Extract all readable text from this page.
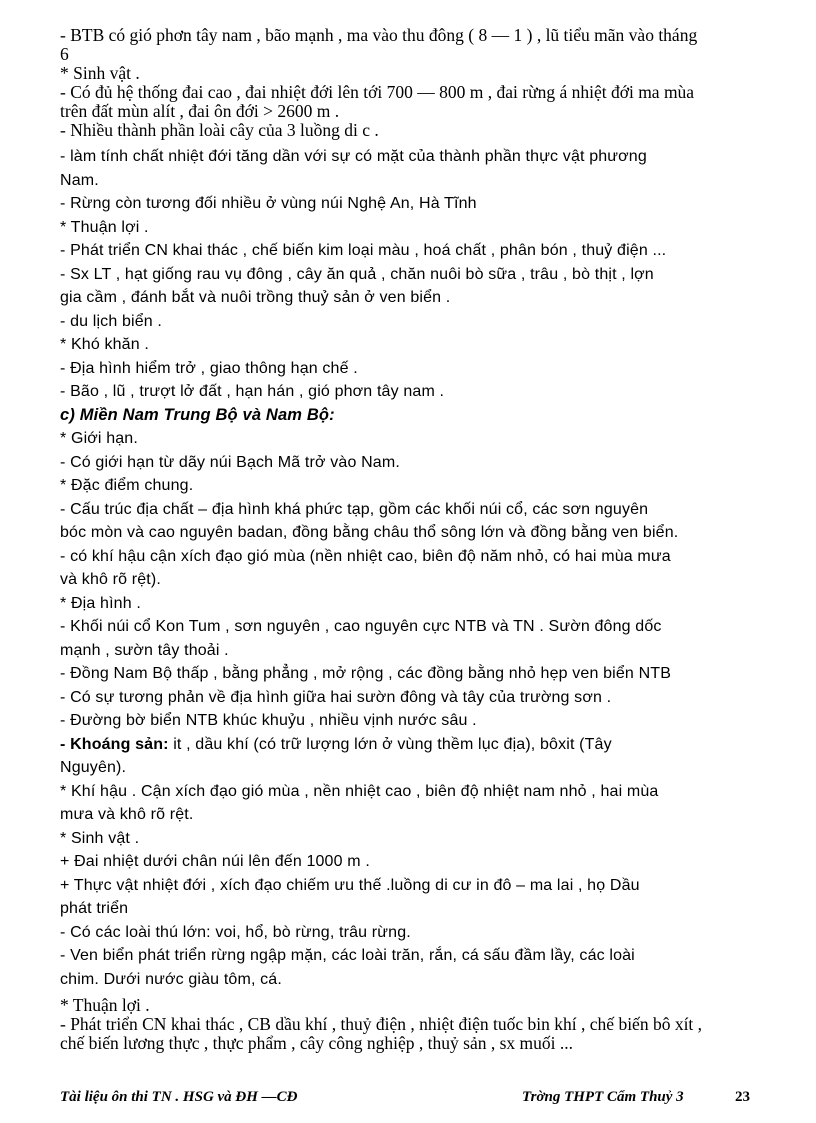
- BTB có gió phơn tây nam , bão mạnh , ma vào thu đông ( 8 — 1 ) , lũ tiểu mãn vào tháng

6

* Sinh vật .

- Có đủ hệ thống đai cao , đai nhiệt đới lên tới 700 — 800 m , đai rừng á nhiệt đới ma mùa

trên đất mùn alít , đai ôn đới > 2600 m .

- Nhiều thành phần loài cây của 3 luồng di c .

- làm tính chất nhiệt đới tăng dần với sự có mặt của thành phần thực vật phương

Nam.

- Rừng còn tương đối nhiều ở vùng núi Nghệ An, Hà Tĩnh

* Thuận lợi .

- Phát triển CN khai thác , chế biến kim loại màu , hoá chất , phân bón , thuỷ điện ...

- Sx LT , hạt giống rau vụ đông , cây ăn quả , chăn nuôi bò sữa , trâu , bò thịt , lợn

gia cầm , đánh bắt và nuôi trồng thuỷ sản ở ven biển .

- du lịch biển .

* Khó khăn .

- Địa hình hiểm trở , giao thông hạn chế .

- Bão , lũ , trượt lở đất , hạn hán , gió phơn tây nam .

c) Miền Nam Trung Bộ và Nam Bộ:

* Giới hạn.

- Có giới hạn từ dãy núi Bạch Mã trở vào Nam.

* Đặc điểm chung.

- Cấu trúc địa chất – địa hình khá phức tạp, gồm các khối núi cổ, các sơn nguyên

bóc mòn và cao nguyên badan, đồng bằng châu thổ sông lớn và đồng bằng ven biển.

- có khí hậu cận xích đạo gió mùa (nền nhiệt cao, biên độ năm nhỏ, có hai mùa mưa

và khô rõ rệt).

* Địa hình .

- Khối núi cổ Kon Tum , sơn nguyên , cao nguyên cực NTB và TN . Sườn đông dốc

mạnh , sườn tây thoải .

- Đồng Nam Bộ thấp , bằng phẳng , mở rộng , các đồng bằng nhỏ hẹp ven biển NTB

- Có sự tương phản về địa hình giữa hai sườn đông và tây của trường sơn .

- Đường bờ biển NTB khúc khuỷu , nhiều vịnh nước sâu .

- Khoáng sản: it , dầu khí (có trữ lượng lớn ở vùng thềm lục địa), bôxit (Tây

Nguyên).

* Khí hậu . Cận xích đạo gió mùa , nền nhiệt cao , biên độ nhiệt nam nhỏ , hai mùa

mưa và khô rõ rệt.

* Sinh vật .

+ Đai nhiệt dưới chân núi lên đến 1000 m .

+ Thực vật nhiệt đới , xích đạo chiếm ưu thế .luồng di cư in đô – ma lai , họ Dầu

phát triển

- Có các loài thú lớn: voi, hổ, bò rừng, trâu rừng.

- Ven biển phát triển rừng ngập mặn, các loài trăn, rắn, cá sấu đầm lầy, các loài

chim. Dưới nước giàu tôm, cá.

* Thuận lợi .

- Phát triển CN khai thác , CB dầu khí , thuỷ điện , nhiệt điện tuốc bin khí , chế biến bô xít ,

chế biến lương thực , thực phẩm , cây công nghiệp , thuỷ sản , sx muối ...

Tài liệu ôn thi TN . HSG và ĐH —CĐ	Trờng THPT Cẩm Thuỷ 3	23
